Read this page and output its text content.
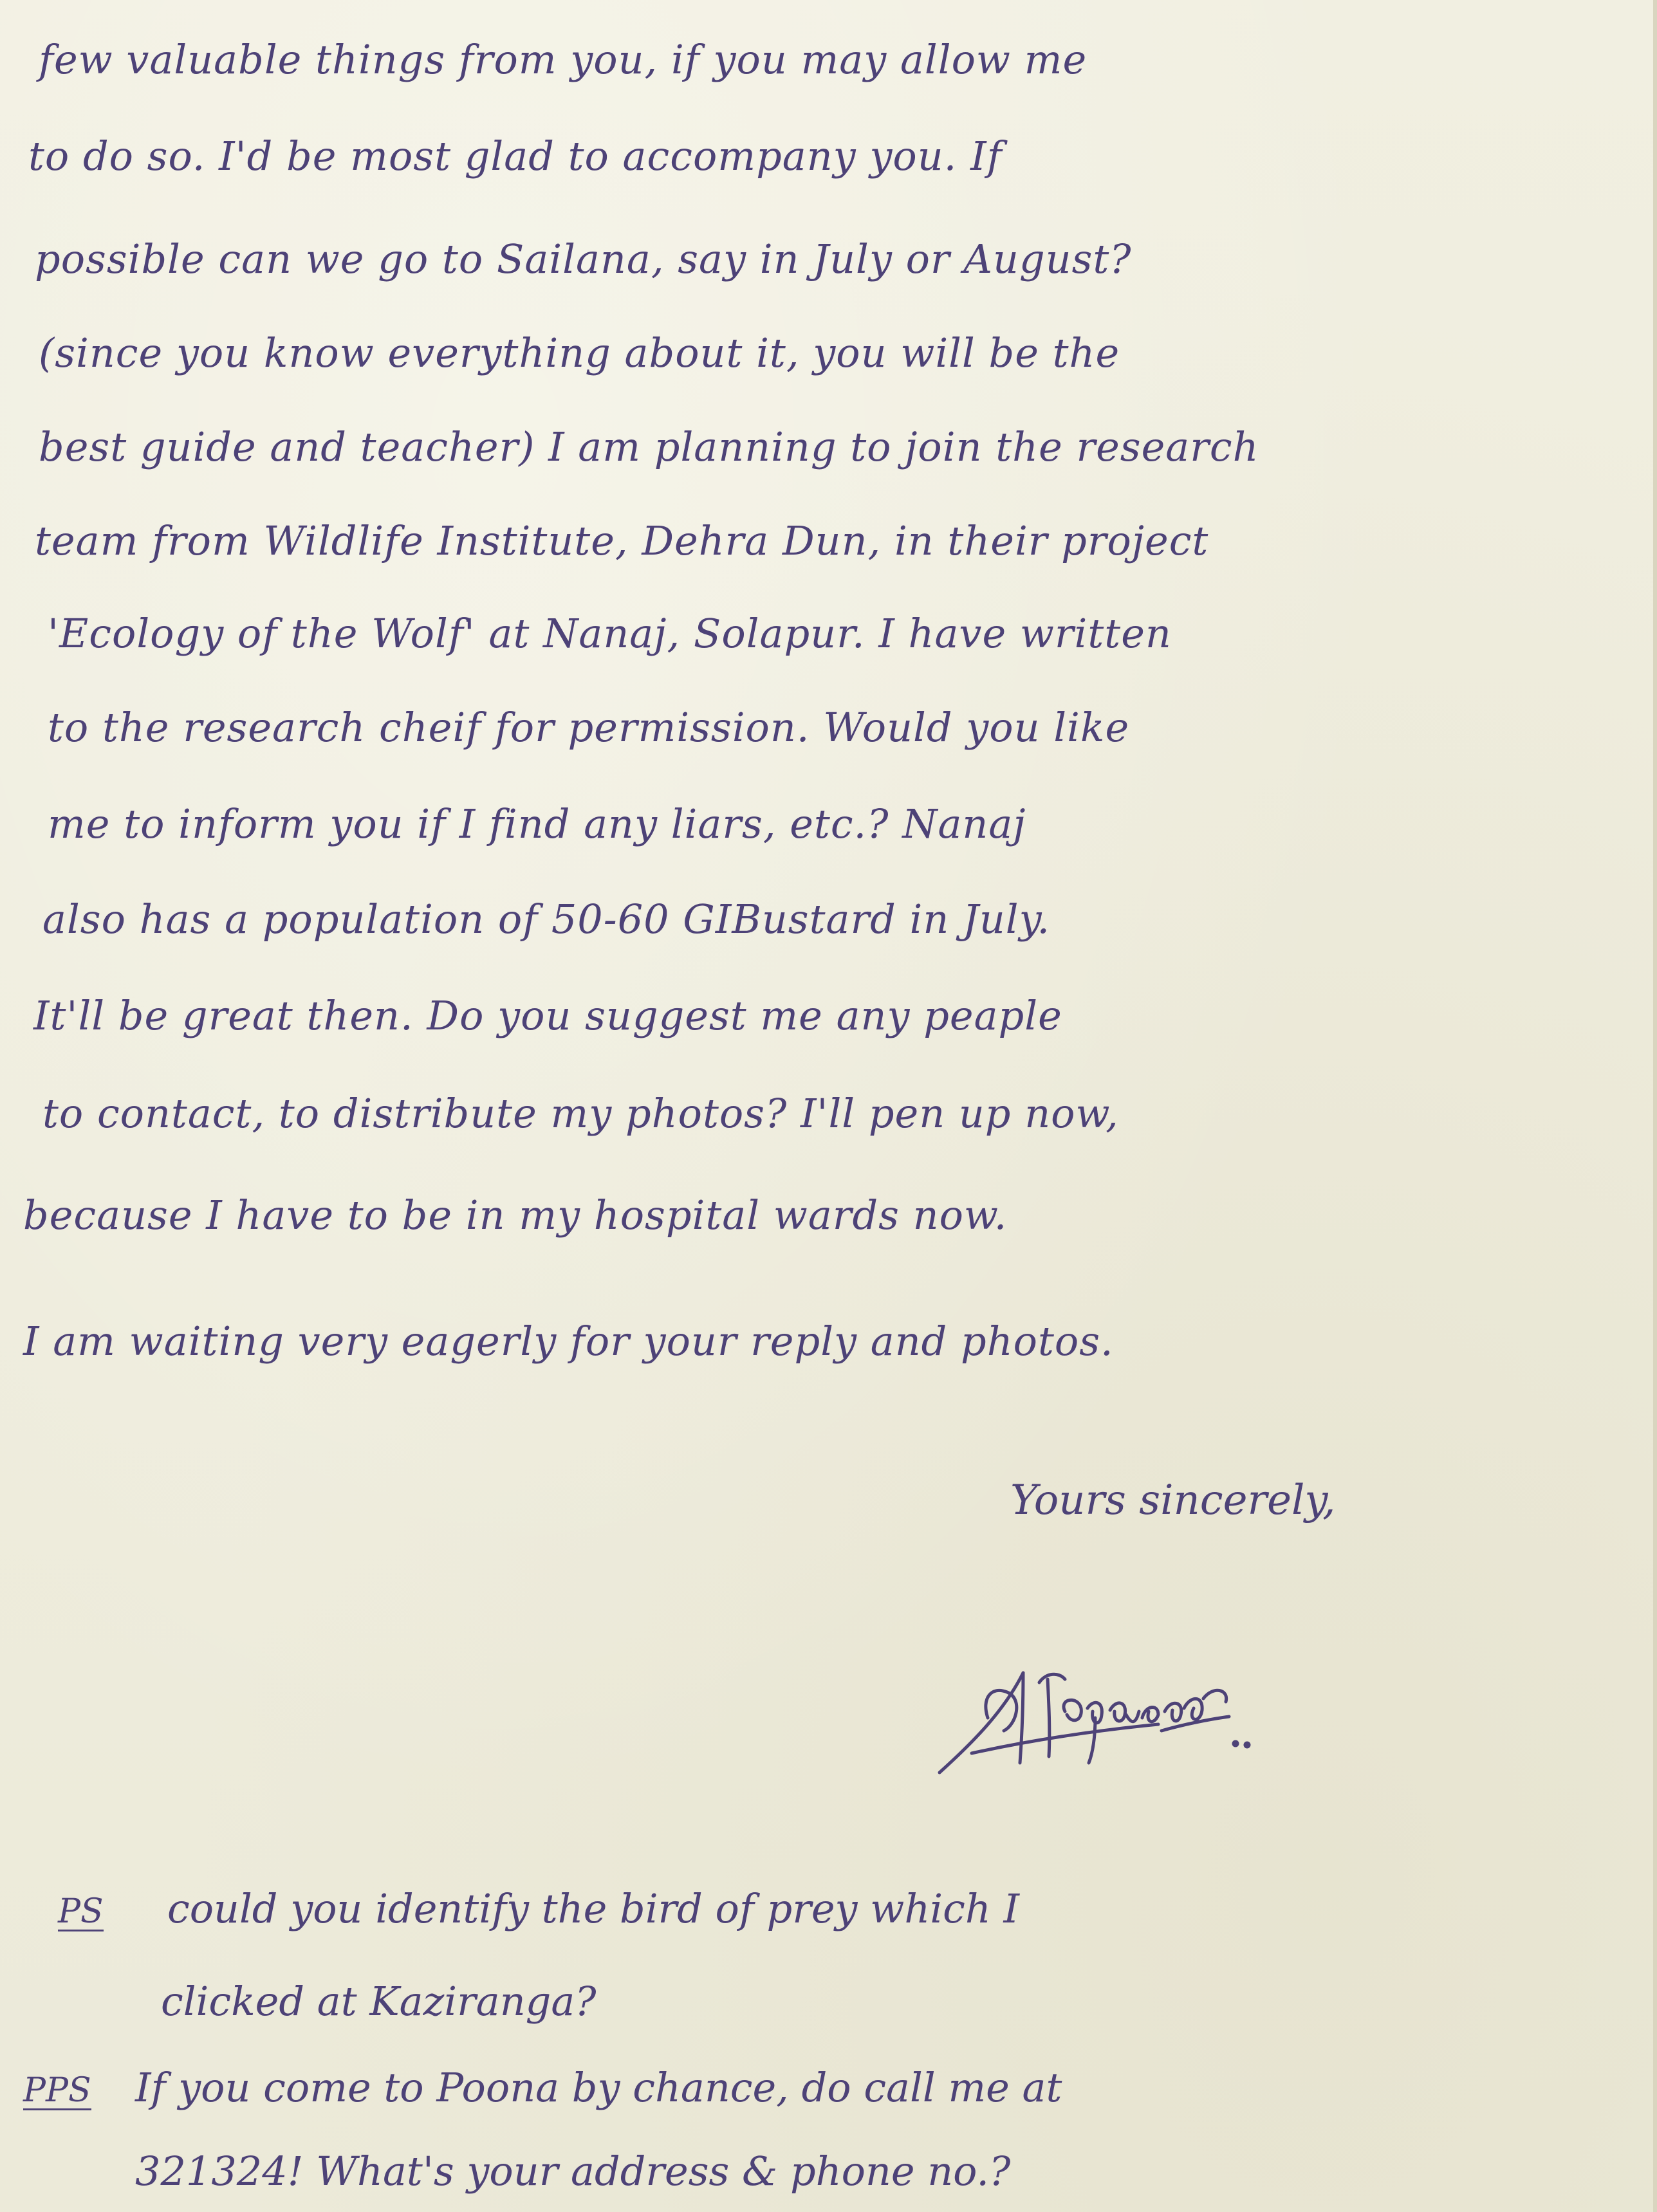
few valuable things from you, if you may allow me
to do so. I'd be most glad to accompany you. If
possible can we go to Sailana, say in July or August?
(since you know everything about it, you will be the
best guide and teacher) I am planning to join the research
team from Wildlife Institute, Dehra Dun, in their project
'Ecology of the Wolf' at Nanaj, Solapur. I have written
to the research cheif for permission. Would you like
me to inform you if I find any liars, etc.? Nanaj
also has a population of 50-60 GIBustard in July.
It'll be great then. Do you suggest me any peaple
to contact, to distribute my photos? I'll pen up now,
because I have to be in my hospital wards now.
I am waiting very eagerly for your reply and photos.
Yours sincerely,
PS could you identify the bird of prey which I
clicked at Kaziranga?
PPS If you come to Poona by chance, do call me at
321324! What's your address & phone no.?
